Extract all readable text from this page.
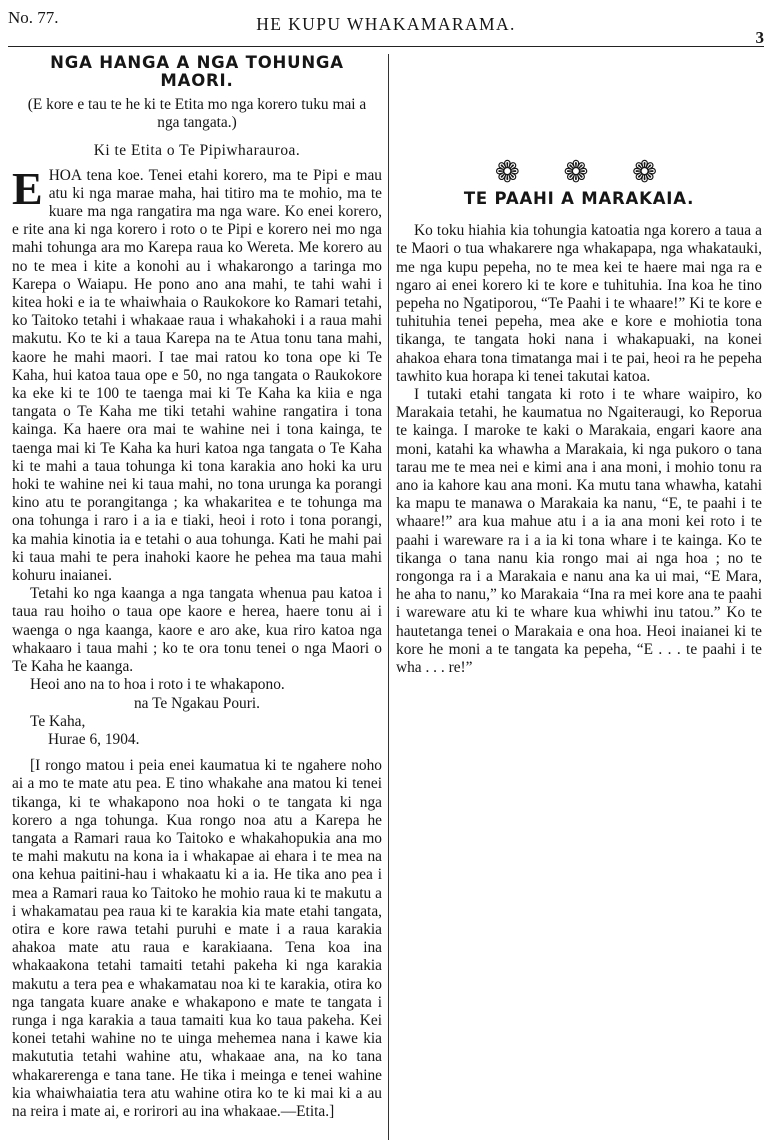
No. 77.	HE KUPU WHAKAMARAMA.
3
NGA HANGA A NGA TOHUNGA MAORI.
(E kore e tau te he ki te Etita mo nga korero tuku mai a nga tangata.)
Ki te Etita o Te Pipiwharauroa.

EHOA tena koe. Tenei etahi korero, ma te Pipi e mau atu ki nga marae maha, hai titiro ma te mohio, ma te kuare ma nga rangatira ma nga ware. Ko enei korero, e rite ana ki nga korero i roto o te Pipi e korero nei mo nga mahi tohunga ara mo Karepa raua ko Wereta. Me korero au no te mea i kite a konohi au i whakarongo a taringa mo Karepa o Waiapu. He pono ano ana mahi, te tahi wahi i kitea hoki e ia te whaiwhaia o Raukokore ko Ramari tetahi, ko Taitoko tetahi i whakaae raua i whakahoki i a raua mahi makutu. Ko te ki a taua Karepa na te Atua tonu tana mahi, kaore he mahi maori. I tae mai ratou ko tona ope ki Te Kaha, hui katoa taua ope e 50, no nga tangata o Raukokore ka eke ki te 100 te taenga mai ki Te Kaha ka kiia e nga tangata o Te Kaha me tiki tetahi wahine rangatira i tona kainga. Ka haere ora mai te wahine nei i tona kainga, te taenga mai ki Te Kaha ka huri katoa nga tangata o Te Kaha ki te mahi a taua tohunga ki tona karakia ano hoki ka uru hoki te wahine nei ki taua mahi, no tona urunga ka porangi kino atu te porangitanga ; ka whakaritea e te tohunga ma ona tohunga i raro i a ia e tiaki, heoi i roto i tona porangi, ka mahia kinotia ia e tetahi o aua tohunga. Kati he mahi pai ki taua mahi te pera inahoki kaore he pehea ma taua mahi kohuru inaianei.

Tetahi ko nga kaanga a nga tangata whenua pau katoa i taua rau hoiho o taua ope kaore e herea, haere tonu ai i waenga o nga kaanga, kaore e aro ake, kua riro katoa nga whakaaro i taua mahi ; ko te ora tonu tenei o nga Maori o Te Kaha he kaanga.

Heoi ano na to hoa i roto i te whakapono.

na Te Ngakau Pouri.

Te Kaha,

Hurae 6, 1904.

[I rongo matou i peia enei kaumatua ki te ngahere noho ai a mo te mate atu pea. E tino whakahe ana matou ki tenei tikanga, ki te whakapono noa hoki o te tangata ki nga korero a nga tohunga. Kua rongo noa atu a Karepa he tangata a Ramari raua ko Taitoko e whakahopukia ana mo te mahi makutu na kona ia i whakapae ai ehara i te mea na ona kehua paitini-hau i whakaatu ki a ia. He tika ano pea i mea a Ramari raua ko Taitoko he mohio raua ki te makutu a i whakamatau pea raua ki te karakia kia mate etahi tangata, otira e kore rawa tetahi puruhi e mate i a raua karakia ahakoa mate atu raua e karakiaana. Tena koa ina whakaakona tetahi tamaiti tetahi pakeha ki nga karakia makutu a tera pea e whakamatau noa ki te karakia, otira ko nga tangata kuare anake e whakapono e mate te tangata i runga i nga karakia a taua tamaiti kua ko taua pakeha. Kei konei tetahi wahine no te uinga mehemea nana i kawe kia makututia tetahi wahine atu, whakaae ana, na ko tana whakarerenga e tana tane. He tika i meinga e tenei wahine kia whaiwhaiatia tera atu wahine otira ko te ki mai ki a au na reira i mate ai, e rorirori au ina whakaae.—Etita.]

❁ ❁ ❁
TE PAAHI A MARAKAIA.

Ko toku hiahia kia tohungia katoatia nga korero a taua a te Maori o tua whakarere nga whakapapa, nga whakatauki, me nga kupu pepeha, no te mea kei te haere mai nga ra e ngaro ai enei korero ki te kore e tuhituhia. Ina koa he tino pepeha no Ngatiporou, “Te Paahi i te whaare!” Ki te kore e tuhituhia tenei pepeha, mea ake e kore e mohiotia tona tikanga, te tangata hoki nana i whakapuaki, na konei ahakoa ehara tona timatanga mai i te pai, heoi ra he pepeha tawhito kua horapa ki tenei takutai katoa.

I tutaki etahi tangata ki roto i te whare waipiro, ko Marakaia tetahi, he kaumatua no Ngaiteraugi, ko Reporua te kainga. I maroke te kaki o Marakaia, engari kaore ana moni, katahi ka whawha a Marakaia, ki nga pukoro o tana tarau me te mea nei e kimi ana i ana moni, i mohio tonu ra ano ia kahore kau ana moni. Ka mutu tana whawha, katahi ka mapu te manawa o Marakaia ka nanu, “E, te paahi i te whaare!” ara kua mahue atu i a ia ana moni kei roto i te paahi i wareware ra i a ia ki tona whare i te kainga. Ko te tikanga o tana nanu kia rongo mai ai nga hoa ; no te rongonga ra i a Marakaia e nanu ana ka ui mai, “E Mara, he aha to nanu,” ko Marakaia “Ina ra mei kore ana te paahi i wareware atu ki te whare kua whiwhi inu tatou.” Ko te hautetanga tenei o Marakaia e ona hoa. Heoi inaianei ki te kore he moni a te tangata ka pepeha, “E . . . te paahi i te wha . . . re!”
